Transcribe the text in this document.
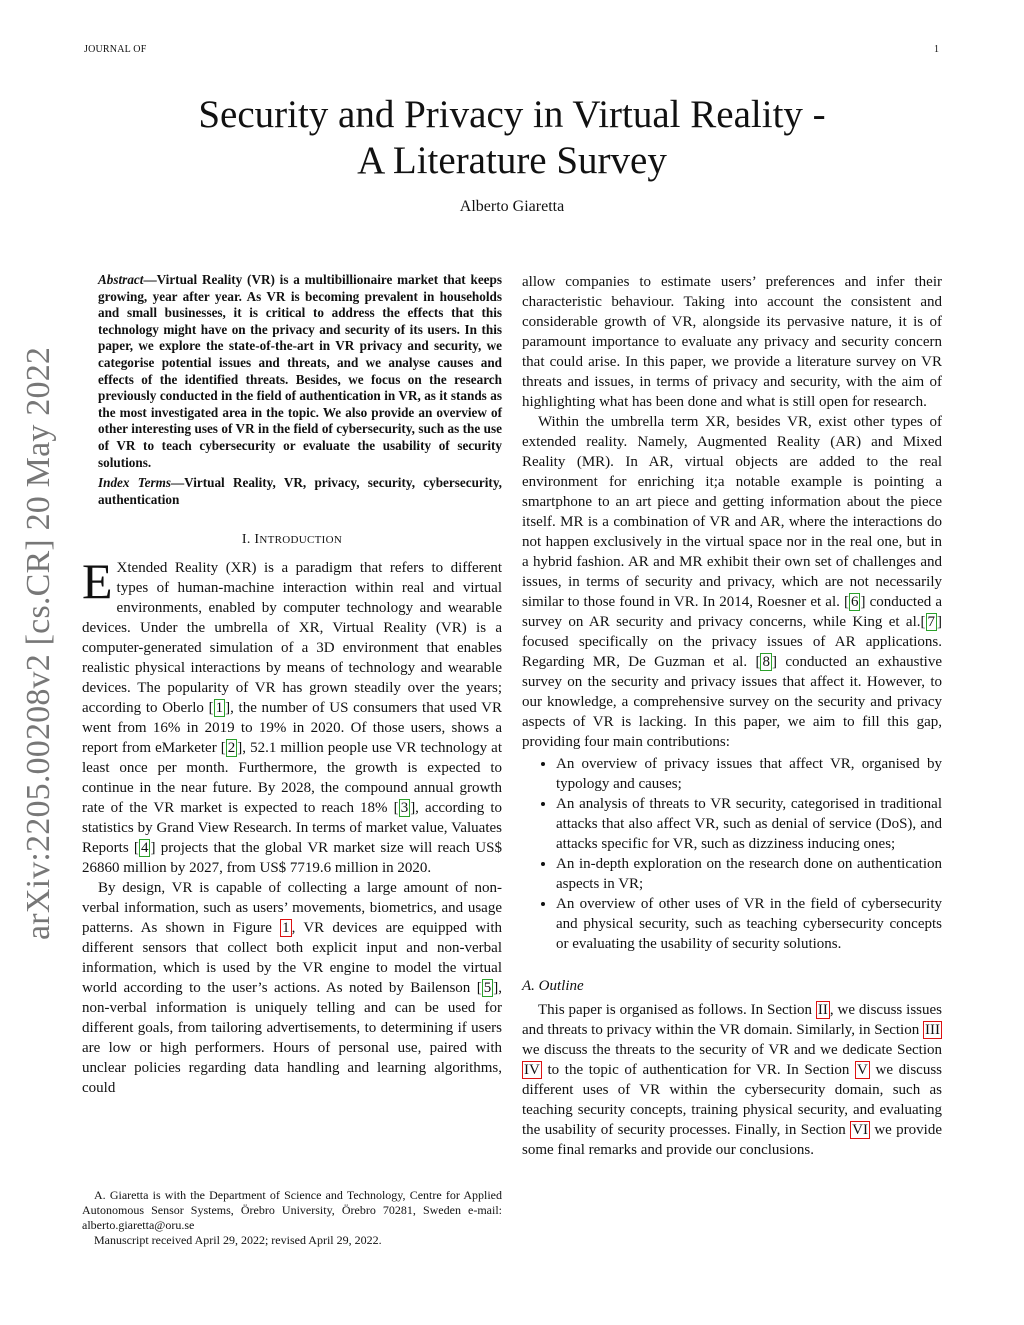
JOURNAL OF	1
arXiv:2205.00208v2 [cs.CR] 20 May 2022
Security and Privacy in Virtual Reality -
A Literature Survey
Alberto Giaretta

Abstract—Virtual Reality (VR) is a multibillionaire market that keeps growing, year after year. As VR is becoming prevalent in households and small businesses, it is critical to address the effects that this technology might have on the privacy and security of its users. In this paper, we explore the state-of-the-art in VR privacy and security, we categorise potential issues and threats, and we analyse causes and effects of the identified threats. Besides, we focus on the research previously conducted in the field of authentication in VR, as it stands as the most investigated area in the topic. We also provide an overview of other interesting uses of VR in the field of cybersecurity, such as the use of VR to teach cybersecurity or evaluate the usability of security solutions.

Index Terms—Virtual Reality, VR, privacy, security, cybersecurity, authentication

I. INTRODUCTION

E Xtended Reality (XR) is a paradigm that refers to different types of human-machine interaction within real and virtual environments, enabled by computer technology and wearable devices. Under the umbrella of XR, Virtual Reality (VR) is a computer-generated simulation of a 3D environment that enables realistic physical interactions by means of technology and wearable devices. The popularity of VR has grown steadily over the years; according to Oberlo [ 1 ], the number of US consumers that used VR went from 16% in 2019 to 19% in 2020. Of those users, shows a report from eMarketer [ 2 ], 52.1 million people use VR technology at least once per month. Furthermore, the growth is expected to continue in the near future. By 2028, the compound annual growth rate of the VR market is expected to reach 18% [ 3 ], according to statistics by Grand View Research. In terms of market value, Valuates Reports [ 4 ] projects that the global VR market size will reach US$ 26860 million by 2027, from US$ 7719.6 million in 2020.

By design, VR is capable of collecting a large amount of non-verbal information, such as users’ movements, biometrics, and usage patterns. As shown in Figure 1 , VR devices are equipped with different sensors that collect both explicit input and non-verbal information, which is used by the VR engine to model the virtual world according to the user’s actions. As noted by Bailenson [ 5 ], non-verbal information is uniquely telling and can be used for different goals, from tailoring advertisements, to determining if users are low or high performers. Hours of personal use, paired with unclear policies regarding data handling and learning algorithms, could

A. Giaretta is with the Department of Science and Technology, Centre for Applied Autonomous Sensor Systems, Örebro University, Örebro 70281, Sweden e-mail: alberto.giaretta@oru.se

Manuscript received April 29, 2022; revised April 29, 2022.

allow companies to estimate users’ preferences and infer their characteristic behaviour. Taking into account the consistent and considerable growth of VR, alongside its pervasive nature, it is of paramount importance to evaluate any privacy and security concern that could arise. In this paper, we provide a literature survey on VR threats and issues, in terms of privacy and security, with the aim of highlighting what has been done and what is still open for research.

Within the umbrella term XR, besides VR, exist other types of extended reality. Namely, Augmented Reality (AR) and Mixed Reality (MR). In AR, virtual objects are added to the real environment for enriching it;a notable example is pointing a smartphone to an art piece and getting information about the piece itself. MR is a combination of VR and AR, where the interactions do not happen exclusively in the virtual space nor in the real one, but in a hybrid fashion. AR and MR exhibit their own set of challenges and issues, in terms of security and privacy, which are not necessarily similar to those found in VR. In 2014, Roesner et al. [ 6 ] conducted a survey on AR security and privacy concerns, while King et al.[ 7 ] focused specifically on the privacy issues of AR applications. Regarding MR, De Guzman et al. [ 8 ] conducted an exhaustive survey on the security and privacy issues that affect it. However, to our knowledge, a comprehensive survey on the security and privacy aspects of VR is lacking. In this paper, we aim to fill this gap, providing four main contributions:

• An overview of privacy issues that affect VR, organised by typology and causes;
• An analysis of threats to VR security, categorised in traditional attacks that also affect VR, such as denial of service (DoS), and attacks specific for VR, such as dizziness inducing ones;
• An in-depth exploration on the research done on authentication aspects in VR;
• An overview of other uses of VR in the field of cybersecurity and physical security, such as teaching cybersecurity concepts or evaluating the usability of security solutions.
A. Outline

This paper is organised as follows. In Section II , we discuss issues and threats to privacy within the VR domain. Similarly, in Section III we discuss the threats to the security of VR and we dedicate Section IV to the topic of authentication for VR. In Section V we discuss different uses of VR within the cybersecurity domain, such as teaching security concepts, training physical security, and evaluating the usability of security processes. Finally, in Section VI we provide some final remarks and provide our conclusions.
